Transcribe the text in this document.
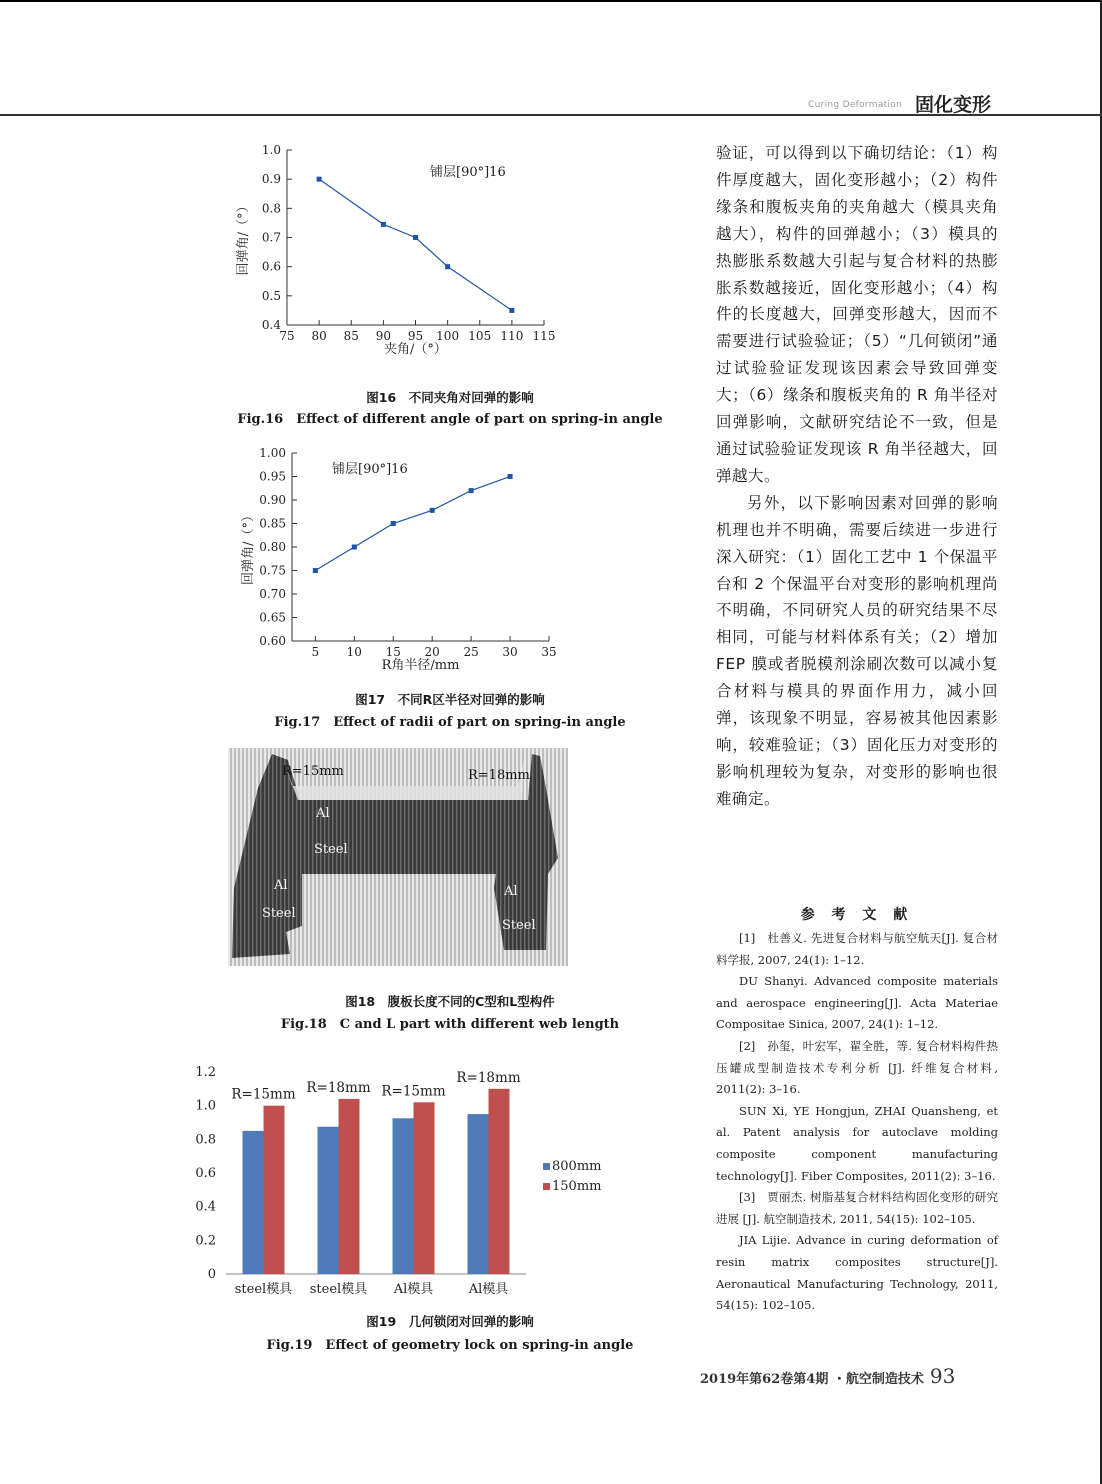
Curing Deformation 固化变形
75 80 85 90 95 100 105 110 115
0.4
0.5
0.6
0.7
0.8
0.9
1.0
夹角/（°）
回弹角/（°）
铺层[90°]16
图16　不同夹角对回弹的影响
Fig.16　Effect of different angle of part on spring-in angle
5 10 15 20 25 30 35
0.60
0.65
0.70
0.75
0.80
0.85
0.90
0.95
1.00
R角半径/mm
回弹角/（°）
铺层[90°]16
图17　不同R区半径对回弹的影响
Fig.17　Effect of radii of part on spring-in angle
R=15mm	R=18mm
Al
Steel
Al
Steel
Al
Steel
图18　腹板长度不同的C型和L型构件
Fig.18　C and L part with different web length
0
0.2
0.4
0.6
0.8
1.0
1.2
steel模具
R=15mm
steel模具
R=18mm
Al模具
R=15mm
Al模具
R=18mm
800mm
150mm
图19　几何锁闭对回弹的影响
Fig.19　Effect of geometry lock on spring-in angle

验证，可以得到以下确切结论：（1）构件厚度越大，固化变形越小；（2）构件缘条和腹板夹角的夹角越大（模具夹角越大），构件的回弹越小；（3）模具的热膨胀系数越大引起与复合材料的热膨胀系数越接近，固化变形越小；（4）构件的长度越大，回弹变形越大，因而不需要进行试验验证；（5）“几何锁闭”通过试验验证发现该因素会导致回弹变大；（6）缘条和腹板夹角的 R 角半径对回弹影响，文献研究结论不一致，但是通过试验验证发现该 R 角半径越大，回弹越大。

另外，以下影响因素对回弹的影响机理也并不明确，需要后续进一步进行深入研究：（1）固化工艺中 1 个保温平台和 2 个保温平台对变形的影响机理尚不明确，不同研究人员的研究结果不尽相同，可能与材料体系有关；（2）增加 FEP 膜或者脱模剂涂刷次数可以减小复合材料与模具的界面作用力，减小回弹，该现象不明显，容易被其他因素影响，较难验证；（3）固化压力对变形的影响机理较为复杂，对变形的影响也很难确定。

参 考 文 献

[1]　杜善义. 先进复合材料与航空航天[J]. 复合材料学报, 2007, 24(1): 1–12.

DU Shanyi. Advanced composite materials and aerospace engineering[J]. Acta Materiae Compositae Sinica, 2007, 24(1): 1–12.

[2]　孙玺，叶宏军，翟全胜，等. 复合材料构件热压罐成型制造技术专利分析 [J]. 纤维复合材料, 2011(2): 3–16.

SUN Xi, YE Hongjun, ZHAI Quansheng, et al. Patent analysis for autoclave molding composite component manufacturing technology[J]. Fiber Composites, 2011(2): 3–16.

[3]　贾丽杰. 树脂基复合材料结构固化变形的研究进展 [J]. 航空制造技术, 2011, 54(15): 102–105.

JIA Lijie. Advance in curing deformation of resin matrix composites structure[J]. Aeronautical Manufacturing Technology, 2011, 54(15): 102–105.

2019年第62卷第4期 ・航空制造技术 93
